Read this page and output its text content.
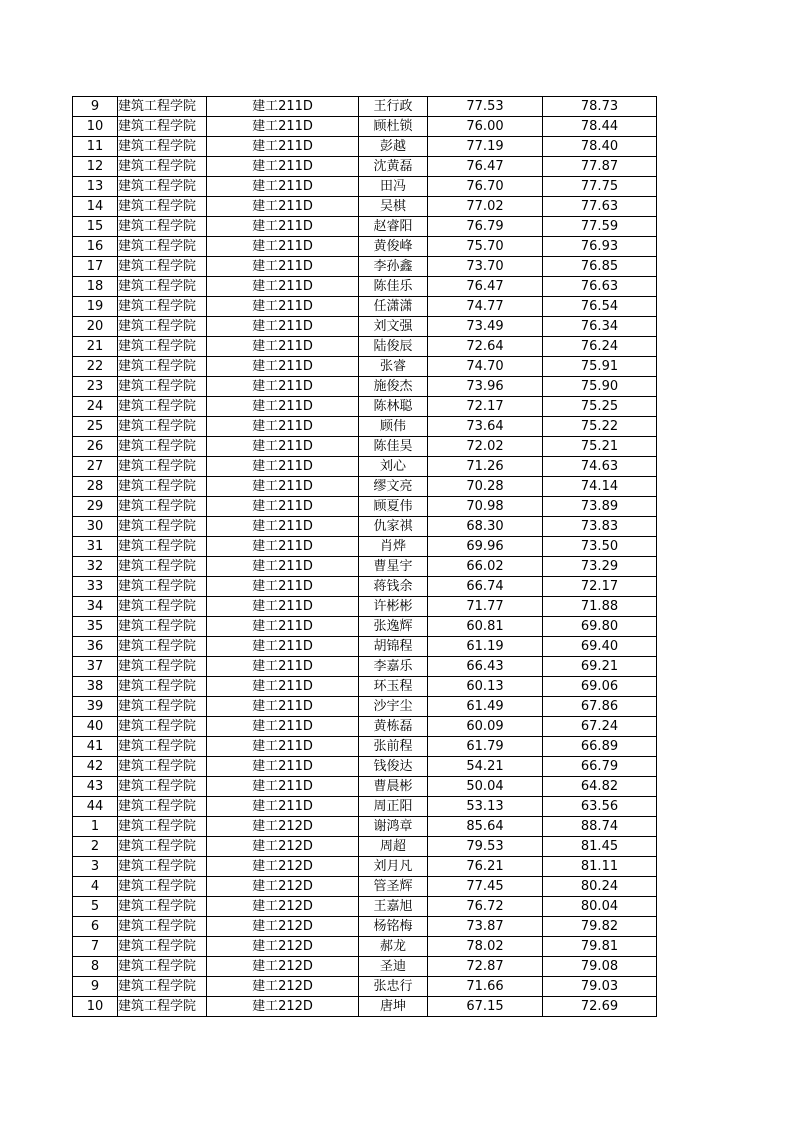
9	建筑工程学院	建工211D	王行政	77.53	78.73
10	建筑工程学院	建工211D	顾杜锁	76.00	78.44
11	建筑工程学院	建工211D	彭越	77.19	78.40
12	建筑工程学院	建工211D	沈黄磊	76.47	77.87
13	建筑工程学院	建工211D	田冯	76.70	77.75
14	建筑工程学院	建工211D	吴棋	77.02	77.63
15	建筑工程学院	建工211D	赵睿阳	76.79	77.59
16	建筑工程学院	建工211D	黄俊峰	75.70	76.93
17	建筑工程学院	建工211D	李孙鑫	73.70	76.85
18	建筑工程学院	建工211D	陈佳乐	76.47	76.63
19	建筑工程学院	建工211D	任潇潇	74.77	76.54
20	建筑工程学院	建工211D	刘文强	73.49	76.34
21	建筑工程学院	建工211D	陆俊辰	72.64	76.24
22	建筑工程学院	建工211D	张睿	74.70	75.91
23	建筑工程学院	建工211D	施俊杰	73.96	75.90
24	建筑工程学院	建工211D	陈林聪	72.17	75.25
25	建筑工程学院	建工211D	顾伟	73.64	75.22
26	建筑工程学院	建工211D	陈佳昊	72.02	75.21
27	建筑工程学院	建工211D	刘心	71.26	74.63
28	建筑工程学院	建工211D	缪文亮	70.28	74.14
29	建筑工程学院	建工211D	顾夏伟	70.98	73.89
30	建筑工程学院	建工211D	仇家祺	68.30	73.83
31	建筑工程学院	建工211D	肖烨	69.96	73.50
32	建筑工程学院	建工211D	曹星宇	66.02	73.29
33	建筑工程学院	建工211D	蒋钱余	66.74	72.17
34	建筑工程学院	建工211D	许彬彬	71.77	71.88
35	建筑工程学院	建工211D	张逸辉	60.81	69.80
36	建筑工程学院	建工211D	胡锦程	61.19	69.40
37	建筑工程学院	建工211D	李嘉乐	66.43	69.21
38	建筑工程学院	建工211D	环玉程	60.13	69.06
39	建筑工程学院	建工211D	沙宇尘	61.49	67.86
40	建筑工程学院	建工211D	黄栋磊	60.09	67.24
41	建筑工程学院	建工211D	张前程	61.79	66.89
42	建筑工程学院	建工211D	钱俊达	54.21	66.79
43	建筑工程学院	建工211D	曹晨彬	50.04	64.82
44	建筑工程学院	建工211D	周正阳	53.13	63.56
1	建筑工程学院	建工212D	谢鸿章	85.64	88.74
2	建筑工程学院	建工212D	周超	79.53	81.45
3	建筑工程学院	建工212D	刘月凡	76.21	81.11
4	建筑工程学院	建工212D	管圣辉	77.45	80.24
5	建筑工程学院	建工212D	王嘉旭	76.72	80.04
6	建筑工程学院	建工212D	杨铭梅	73.87	79.82
7	建筑工程学院	建工212D	郝龙	78.02	79.81
8	建筑工程学院	建工212D	圣迪	72.87	79.08
9	建筑工程学院	建工212D	张忠行	71.66	79.03
10	建筑工程学院	建工212D	唐坤	67.15	72.69
